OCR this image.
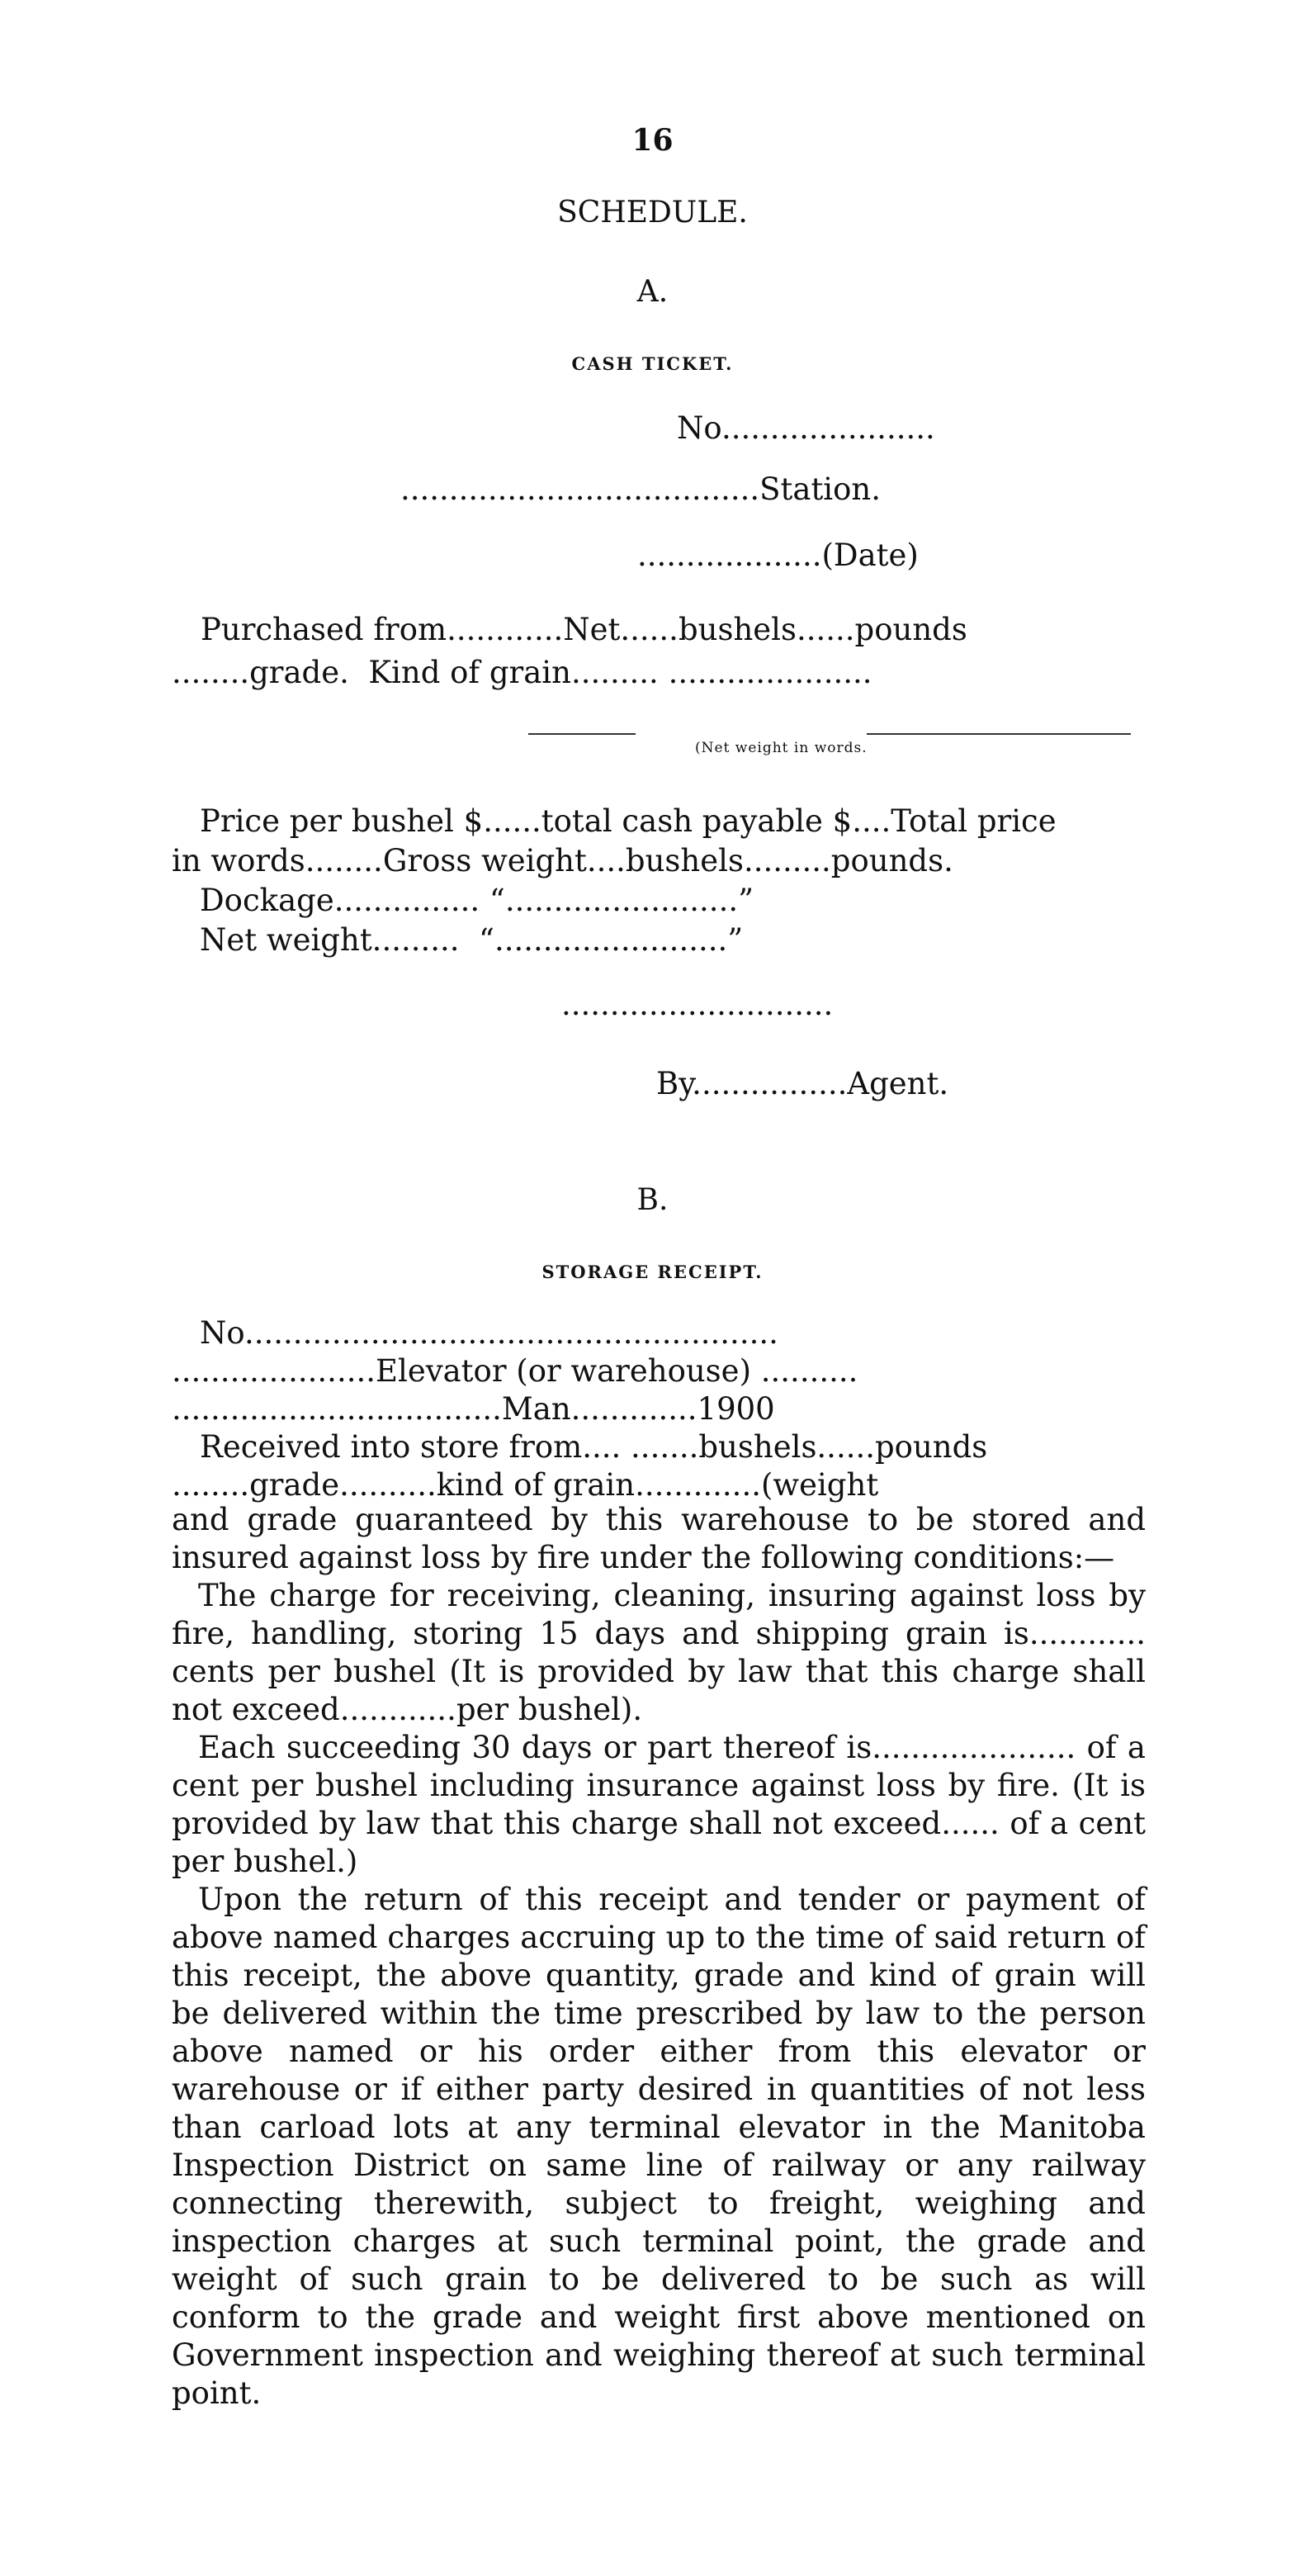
16
SCHEDULE.
A.
CASH TICKET.
No......................
.....................................Station.
...................(Date)
Purchased from............Net......bushels......pounds
........grade.  Kind of grain......... .....................
(Net weight in words.
Price per bushel $......total cash payable $....Total price
in words........Gross weight....bushels.........pounds.
Dockage............... “........................”
Net weight.........  “........................”
............................
By................Agent.
B.
STORAGE RECEIPT.
No.......................................................
.....................Elevator (or warehouse) ..........
..................................Man.............1900
Received into store from.... .......bushels......pounds
........grade..........kind of grain.............(weight

and grade guaranteed by this warehouse to be stored and insured against loss by fire under the following conditions:—

The charge for receiving, cleaning, insuring against loss by fire, handling, storing 15 days and shipping grain is............ cents per bushel (It is provided by law that this charge shall not exceed............per bushel).

Each succeeding 30 days or part thereof is..................... of a cent per bushel including insurance against loss by fire. (It is provided by law that this charge shall not exceed...... of a cent per bushel.)

Upon the return of this receipt and tender or payment of above named charges accruing up to the time of said return of this receipt, the above quantity, grade and kind of grain will be delivered within the time prescribed by law to the person above named or his order either from this elevator or warehouse or if either party desired in quantities of not less than carload lots at any terminal elevator in the Manitoba Inspection District on same line of railway or any railway connecting therewith, subject to freight, weighing and inspection charges at such terminal point, the grade and weight of such grain to be delivered to be such as will conform to the grade and weight first above mentioned on Government inspection and weighing thereof at such terminal point.
